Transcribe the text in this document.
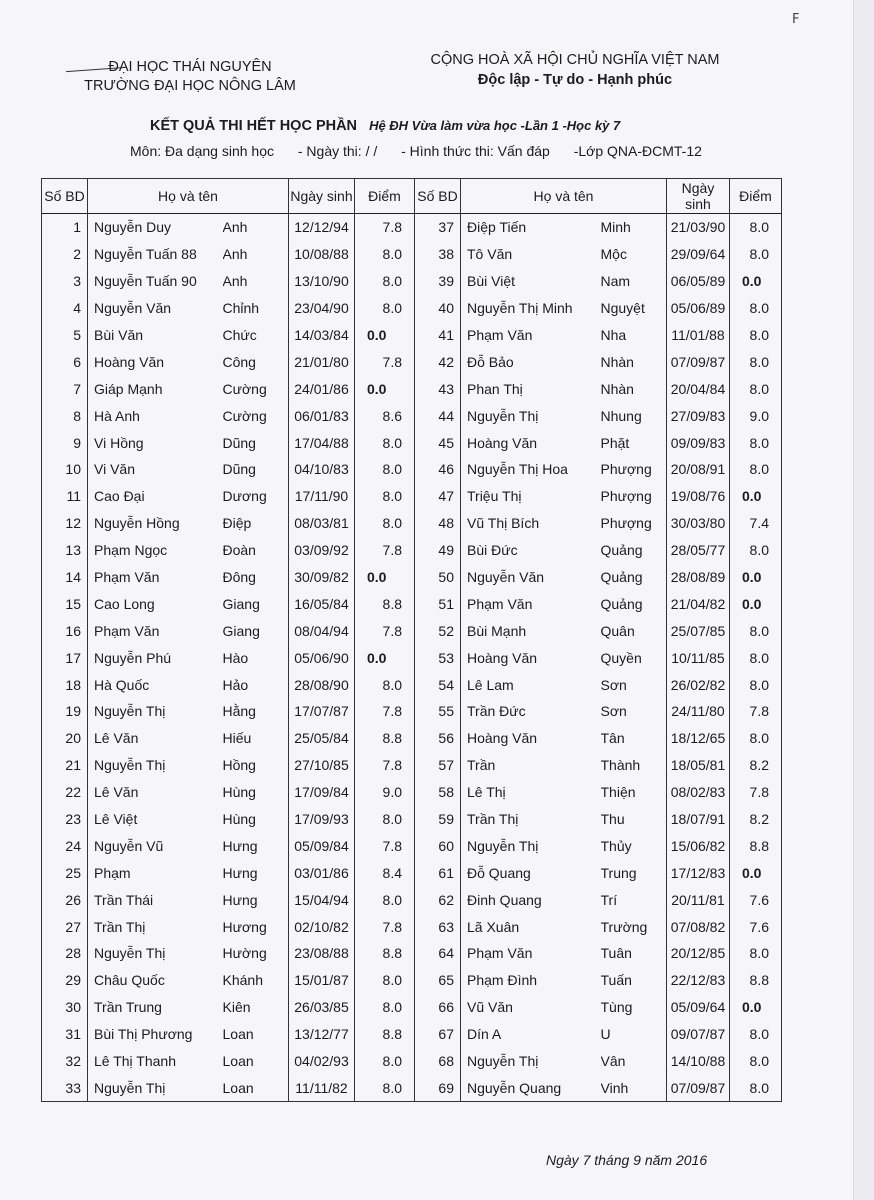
F
ĐẠI HỌC THÁI NGUYÊN
TRƯỜNG ĐẠI HỌC NÔNG LÂM
CỘNG HOÀ XÃ HỘI CHỦ NGHĨA VIỆT NAM
Độc lập - Tự do - Hạnh phúc
KẾT QUẢ THI HẾT HỌC PHẦN Hệ ĐH Vừa làm vừa học -Lần 1 -Học kỳ 7
Môn: Đa dạng sinh học - Ngày thi: / / - Hình thức thi: Vấn đáp -Lớp QNA-ĐCMT-12
Số BD	Họ và tên		Ngày sinh	Điểm	Số BD	Họ và tên		Ngày sinh	Điểm
1	Nguyễn Duy	Anh	12/12/94	7.8	37	Điệp Tiến	Minh	21/03/90	8.0
2	Nguyễn Tuấn 88	Anh	10/08/88	8.0	38	Tô Văn	Mộc	29/09/64	8.0
3	Nguyễn Tuấn 90	Anh	13/10/90	8.0	39	Bùi Việt	Nam	06/05/89	0.0
4	Nguyễn Văn	Chỉnh	23/04/90	8.0	40	Nguyễn Thị Minh	Nguyệt	05/06/89	8.0
5	Bùi Văn	Chức	14/03/84	0.0	41	Phạm Văn	Nha	11/01/88	8.0
6	Hoàng Văn	Công	21/01/80	7.8	42	Đỗ Bảo	Nhàn	07/09/87	8.0
7	Giáp Mạnh	Cường	24/01/86	0.0	43	Phan Thị	Nhàn	20/04/84	8.0
8	Hà Anh	Cường	06/01/83	8.6	44	Nguyễn Thị	Nhung	27/09/83	9.0
9	Vi Hồng	Dũng	17/04/88	8.0	45	Hoàng Văn	Phặt	09/09/83	8.0
10	Vi Văn	Dũng	04/10/83	8.0	46	Nguyễn Thị Hoa	Phượng	20/08/91	8.0
11	Cao Đại	Dương	17/11/90	8.0	47	Triệu Thị	Phượng	19/08/76	0.0
12	Nguyễn Hồng	Điệp	08/03/81	8.0	48	Vũ Thị Bích	Phượng	30/03/80	7.4
13	Phạm Ngọc	Đoàn	03/09/92	7.8	49	Bùi Đức	Quảng	28/05/77	8.0
14	Phạm Văn	Đông	30/09/82	0.0	50	Nguyễn Văn	Quảng	28/08/89	0.0
15	Cao Long	Giang	16/05/84	8.8	51	Phạm Văn	Quảng	21/04/82	0.0
16	Phạm Văn	Giang	08/04/94	7.8	52	Bùi Mạnh	Quân	25/07/85	8.0
17	Nguyễn Phú	Hào	05/06/90	0.0	53	Hoàng Văn	Quyền	10/11/85	8.0
18	Hà Quốc	Hảo	28/08/90	8.0	54	Lê Lam	Sơn	26/02/82	8.0
19	Nguyễn Thị	Hằng	17/07/87	7.8	55	Trần Đức	Sơn	24/11/80	7.8
20	Lê Văn	Hiếu	25/05/84	8.8	56	Hoàng Văn	Tân	18/12/65	8.0
21	Nguyễn Thị	Hồng	27/10/85	7.8	57	Trần	Thành	18/05/81	8.2
22	Lê Văn	Hùng	17/09/84	9.0	58	Lê Thị	Thiện	08/02/83	7.8
23	Lê Việt	Hùng	17/09/93	8.0	59	Trần Thị	Thu	18/07/91	8.2
24	Nguyễn Vũ	Hưng	05/09/84	7.8	60	Nguyễn Thị	Thủy	15/06/82	8.8
25	Phạm	Hưng	03/01/86	8.4	61	Đỗ Quang	Trung	17/12/83	0.0
26	Trần Thái	Hưng	15/04/94	8.0	62	Đinh Quang	Trí	20/11/81	7.6
27	Trần Thị	Hương	02/10/82	7.8	63	Lã Xuân	Trường	07/08/82	7.6
28	Nguyễn Thị	Hường	23/08/88	8.8	64	Phạm Văn	Tuân	20/12/85	8.0
29	Châu Quốc	Khánh	15/01/87	8.0	65	Phạm Đình	Tuấn	22/12/83	8.8
30	Trần Trung	Kiên	26/03/85	8.0	66	Vũ Văn	Tùng	05/09/64	0.0
31	Bùi Thị Phương	Loan	13/12/77	8.8	67	Dín A	U	09/07/87	8.0
32	Lê Thị Thanh	Loan	04/02/93	8.0	68	Nguyễn Thị	Vân	14/10/88	8.0
33	Nguyễn Thị	Loan	11/11/82	8.0	69	Nguyễn Quang	Vinh	07/09/87	8.0
Ngày 7 tháng 9 năm 2016
